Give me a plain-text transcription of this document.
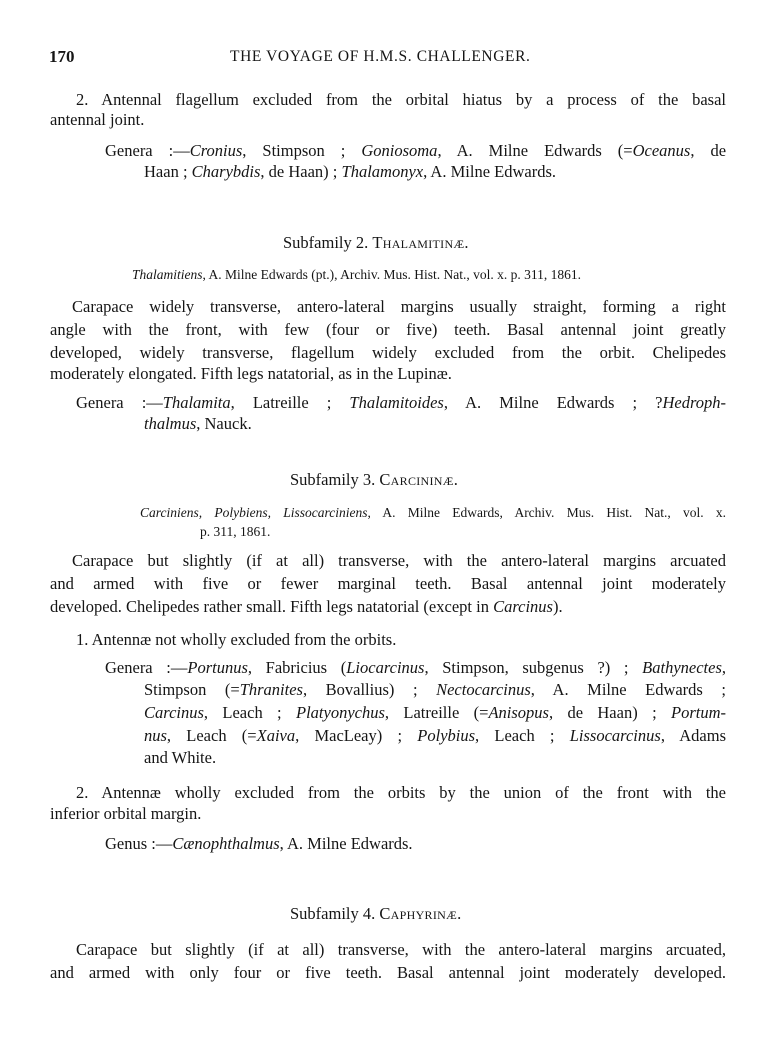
170	THE VOYAGE OF H.M.S. CHALLENGER.
2. Antennal flagellum excluded from the orbital hiatus by a process of the basal
antennal joint.
Genera :—Cronius, Stimpson ; Goniosoma, A. Milne Edwards (=Oceanus, de
Haan ; Charybdis, de Haan) ; Thalamonyx, A. Milne Edwards.
Subfamily 2. Thalamitinæ.
Thalamitiens, A. Milne Edwards (pt.), Archiv. Mus. Hist. Nat., vol. x. p. 311, 1861.
Carapace widely transverse, antero-lateral margins usually straight, forming a right
angle with the front, with few (four or five) teeth. Basal antennal joint greatly
developed, widely transverse, flagellum widely excluded from the orbit. Chelipedes
moderately elongated. Fifth legs natatorial, as in the Lupinæ.
Genera :—Thalamita, Latreille ; Thalamitoides, A. Milne Edwards ; ?Hedroph-
thalmus, Nauck.
Subfamily 3. Carcininæ.
Carciniens, Polybiens, Lissocarciniens, A. Milne Edwards, Archiv. Mus. Hist. Nat., vol. x.
p. 311, 1861.
Carapace but slightly (if at all) transverse, with the antero-lateral margins arcuated
and armed with five or fewer marginal teeth. Basal antennal joint moderately
developed. Chelipedes rather small. Fifth legs natatorial (except in Carcinus).
1. Antennæ not wholly excluded from the orbits.
Genera :—Portunus, Fabricius (Liocarcinus, Stimpson, subgenus ?) ; Bathynectes,
Stimpson (=Thranites, Bovallius) ; Nectocarcinus, A. Milne Edwards ;
Carcinus, Leach ; Platyonychus, Latreille (=Anisopus, de Haan) ; Portum-
nus, Leach (=Xaiva, MacLeay) ; Polybius, Leach ; Lissocarcinus, Adams
and White.
2. Antennæ wholly excluded from the orbits by the union of the front with the
inferior orbital margin.
Genus :—Cænophthalmus, A. Milne Edwards.
Subfamily 4. Caphyrinæ.
Carapace but slightly (if at all) transverse, with the antero-lateral margins arcuated,
and armed with only four or five teeth. Basal antennal joint moderately developed.
